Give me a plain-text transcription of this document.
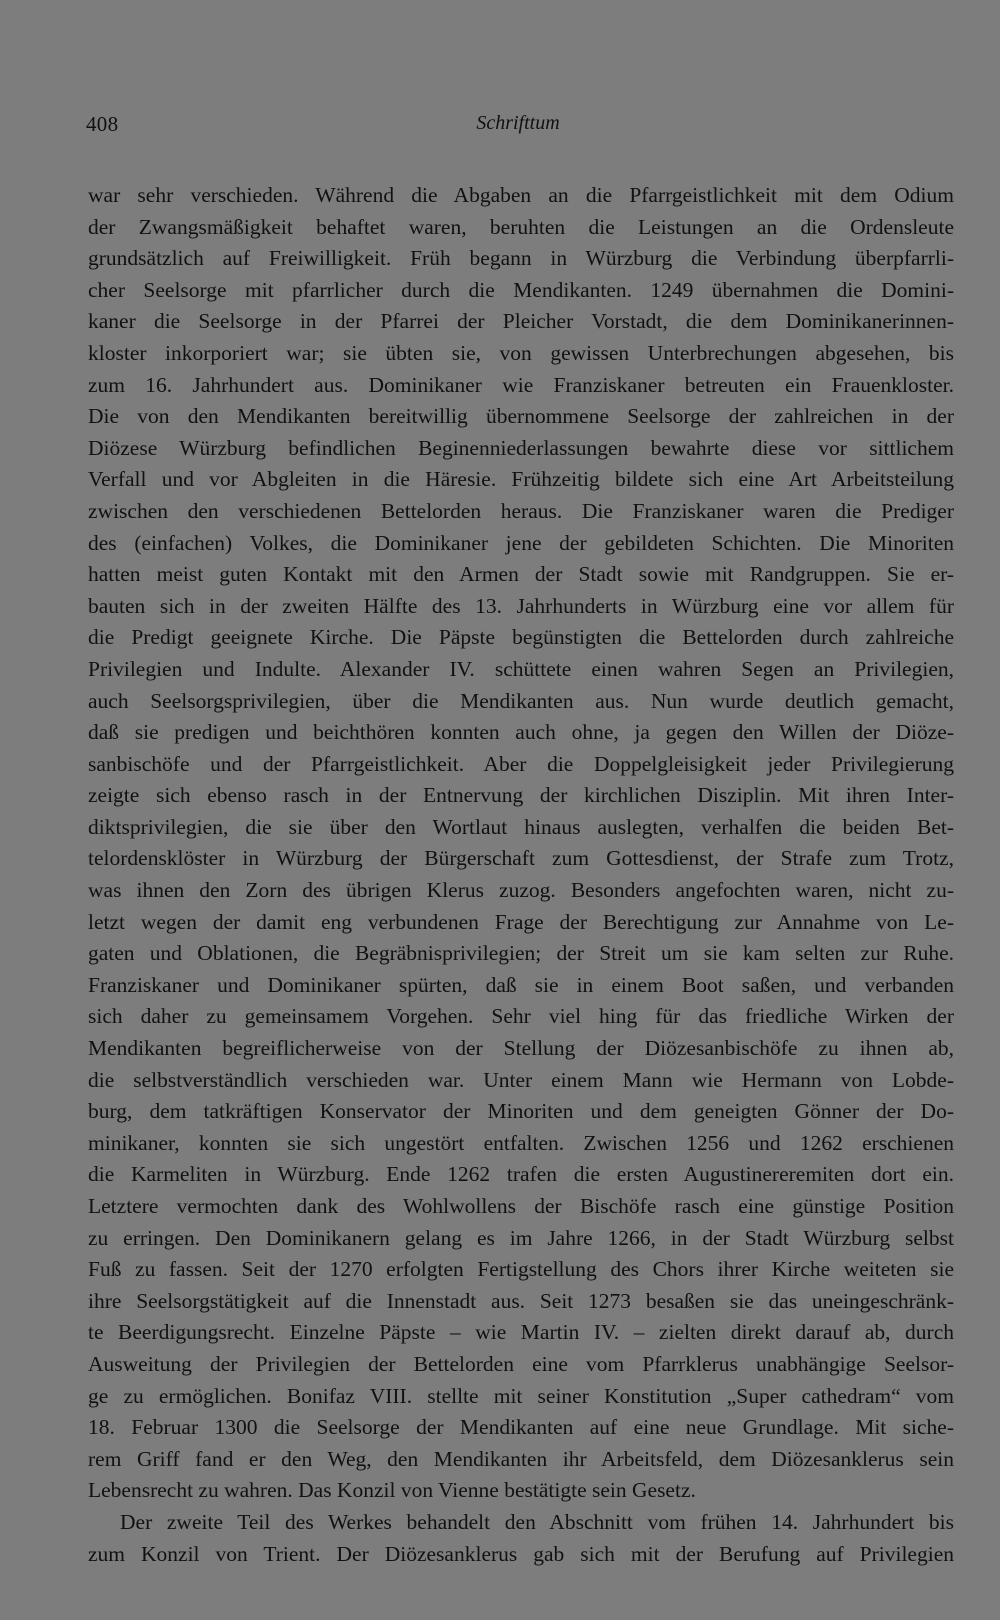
408	Schrifttum
war sehr verschieden. Während die Abgaben an die Pfarrgeistlichkeit mit dem Odium
der Zwangsmäßigkeit behaftet waren, beruhten die Leistungen an die Ordensleute
grundsätzlich auf Freiwilligkeit. Früh begann in Würzburg die Verbindung überpfarrli-
cher Seelsorge mit pfarrlicher durch die Mendikanten. 1249 übernahmen die Domini-
kaner die Seelsorge in der Pfarrei der Pleicher Vorstadt, die dem Dominikanerinnen-
kloster inkorporiert war; sie übten sie, von gewissen Unterbrechungen abgesehen, bis
zum 16. Jahrhundert aus. Dominikaner wie Franziskaner betreuten ein Frauenkloster.
Die von den Mendikanten bereitwillig übernommene Seelsorge der zahlreichen in der
Diözese Würzburg befindlichen Beginenniederlassungen bewahrte diese vor sittlichem
Verfall und vor Abgleiten in die Häresie. Frühzeitig bildete sich eine Art Arbeitsteilung
zwischen den verschiedenen Bettelorden heraus. Die Franziskaner waren die Prediger
des (einfachen) Volkes, die Dominikaner jene der gebildeten Schichten. Die Minoriten
hatten meist guten Kontakt mit den Armen der Stadt sowie mit Randgruppen. Sie er-
bauten sich in der zweiten Hälfte des 13. Jahrhunderts in Würzburg eine vor allem für
die Predigt geeignete Kirche. Die Päpste begünstigten die Bettelorden durch zahlreiche
Privilegien und Indulte. Alexander IV. schüttete einen wahren Segen an Privilegien,
auch Seelsorgsprivilegien, über die Mendikanten aus. Nun wurde deutlich gemacht,
daß sie predigen und beichthören konnten auch ohne, ja gegen den Willen der Diöze-
sanbischöfe und der Pfarrgeistlichkeit. Aber die Doppelgleisigkeit jeder Privilegierung
zeigte sich ebenso rasch in der Entnervung der kirchlichen Disziplin. Mit ihren Inter-
diktsprivilegien, die sie über den Wortlaut hinaus auslegten, verhalfen die beiden Bet-
telordensklöster in Würzburg der Bürgerschaft zum Gottesdienst, der Strafe zum Trotz,
was ihnen den Zorn des übrigen Klerus zuzog. Besonders angefochten waren, nicht zu-
letzt wegen der damit eng verbundenen Frage der Berechtigung zur Annahme von Le-
gaten und Oblationen, die Begräbnisprivilegien; der Streit um sie kam selten zur Ruhe.
Franziskaner und Dominikaner spürten, daß sie in einem Boot saßen, und verbanden
sich daher zu gemeinsamem Vorgehen. Sehr viel hing für das friedliche Wirken der
Mendikanten begreiflicherweise von der Stellung der Diözesanbischöfe zu ihnen ab,
die selbstverständlich verschieden war. Unter einem Mann wie Hermann von Lobde-
burg, dem tatkräftigen Konservator der Minoriten und dem geneigten Gönner der Do-
minikaner, konnten sie sich ungestört entfalten. Zwischen 1256 und 1262 erschienen
die Karmeliten in Würzburg. Ende 1262 trafen die ersten Augustinereremiten dort ein.
Letztere vermochten dank des Wohlwollens der Bischöfe rasch eine günstige Position
zu erringen. Den Dominikanern gelang es im Jahre 1266, in der Stadt Würzburg selbst
Fuß zu fassen. Seit der 1270 erfolgten Fertigstellung des Chors ihrer Kirche weiteten sie
ihre Seelsorgstätigkeit auf die Innenstadt aus. Seit 1273 besaßen sie das uneingeschränk-
te Beerdigungsrecht. Einzelne Päpste – wie Martin IV. – zielten direkt darauf ab, durch
Ausweitung der Privilegien der Bettelorden eine vom Pfarrklerus unabhängige Seelsor-
ge zu ermöglichen. Bonifaz VIII. stellte mit seiner Konstitution „Super cathedram“ vom
18. Februar 1300 die Seelsorge der Mendikanten auf eine neue Grundlage. Mit siche-
rem Griff fand er den Weg, den Mendikanten ihr Arbeitsfeld, dem Diözesanklerus sein
Lebensrecht zu wahren. Das Konzil von Vienne bestätigte sein Gesetz.
Der zweite Teil des Werkes behandelt den Abschnitt vom frühen 14. Jahrhundert bis
zum Konzil von Trient. Der Diözesanklerus gab sich mit der Berufung auf Privilegien
